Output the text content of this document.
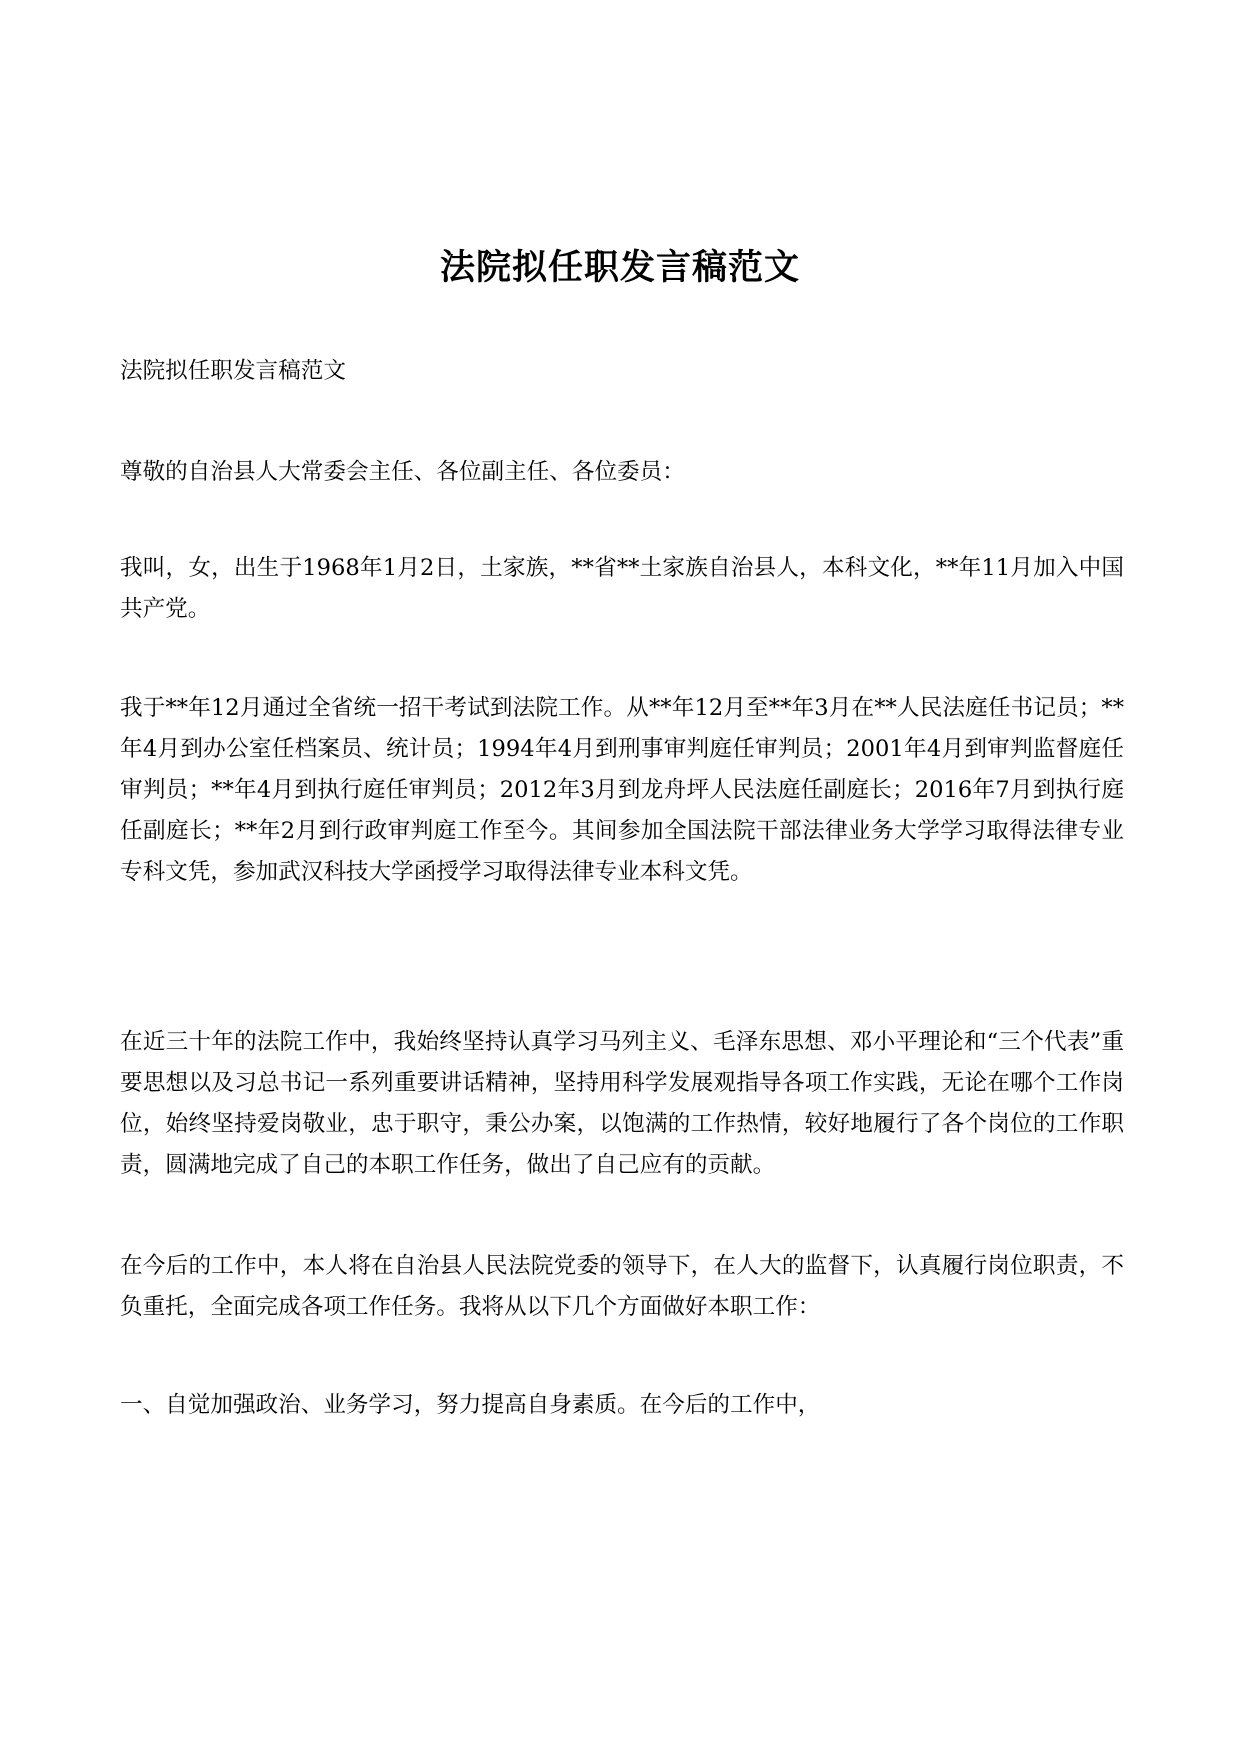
法院拟任职发言稿范文

法院拟任职发言稿范文

尊敬的自治县人大常委会主任、各位副主任、各位委员：

我叫，女，出生于1968年1月2日，土家族，**省**土家族自治县人，本科文化，**年11月加入中国共产党。

我于**年12月通过全省统一招干考试到法院工作。从**年12月至**年3月在**人民法庭任书记员；**年4月到办公室任档案员、统计员；1994年4月到刑事审判庭任审判员；2001年4月到审判监督庭任审判员；**年4月到执行庭任审判员；2012年3月到龙舟坪人民法庭任副庭长；2016年7月到执行庭任副庭长；**年2月到行政审判庭工作至今。其间参加全国法院干部法律业务大学学习取得法律专业专科文凭，参加武汉科技大学函授学习取得法律专业本科文凭。

在近三十年的法院工作中，我始终坚持认真学习马列主义、毛泽东思想、邓小平理论和“三个代表”重要思想以及习总书记一系列重要讲话精神，坚持用科学发展观指导各项工作实践，无论在哪个工作岗位，始终坚持爱岗敬业，忠于职守，秉公办案，以饱满的工作热情，较好地履行了各个岗位的工作职责，圆满地完成了自己的本职工作任务，做出了自己应有的贡献。

在今后的工作中，本人将在自治县人民法院党委的领导下，在人大的监督下，认真履行岗位职责，不负重托，全面完成各项工作任务。我将从以下几个方面做好本职工作：

一、自觉加强政治、业务学习，努力提高自身素质。在今后的工作中，
